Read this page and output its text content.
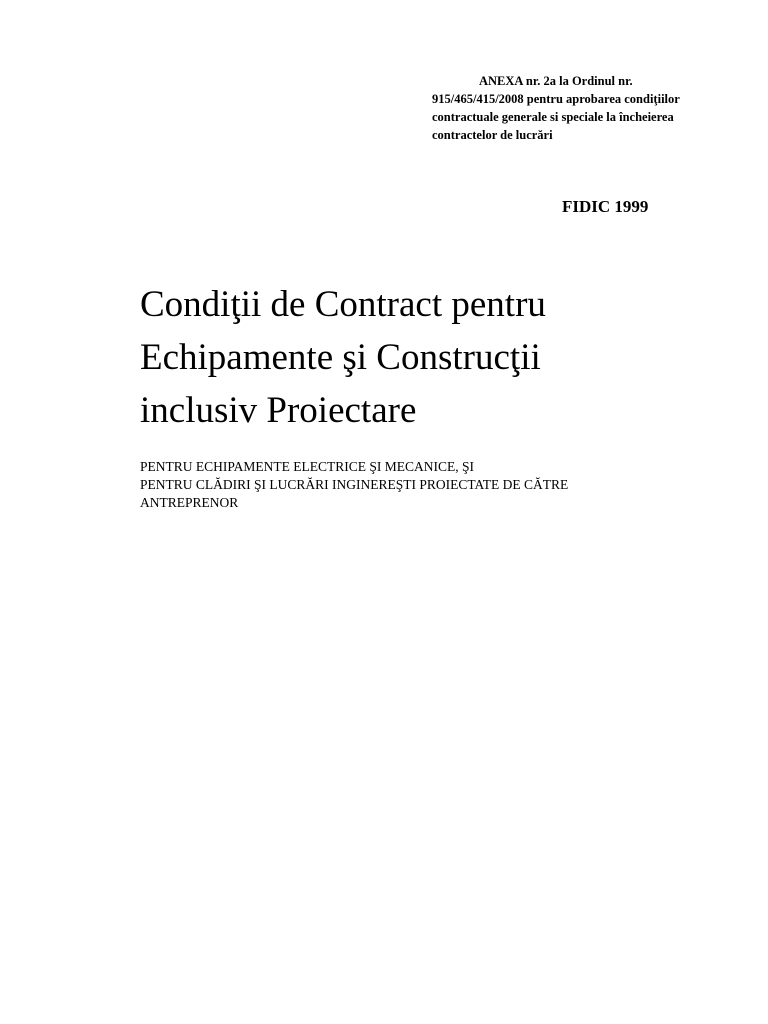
ANEXA nr. 2a la Ordinul nr.
915/465/415/2008 pentru aprobarea condiţiilor
contractuale generale si speciale la încheierea
contractelor de lucrări
FIDIC 1999
Condiţii de Contract pentru
Echipamente şi Construcţii
inclusiv Proiectare
PENTRU ECHIPAMENTE ELECTRICE ŞI MECANICE, ŞI
PENTRU CLĂDIRI ŞI LUCRĂRI INGINEREŞTI PROIECTATE DE CĂTRE
ANTREPRENOR
